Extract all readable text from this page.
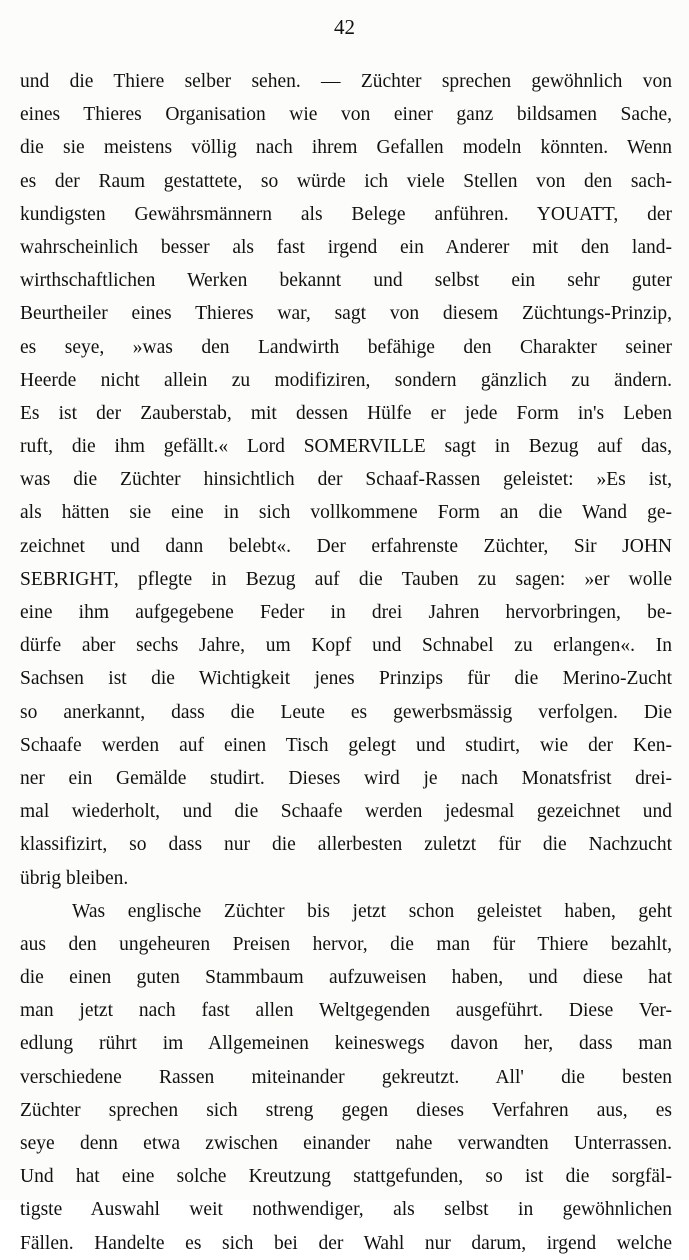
42
und die Thiere selber sehen. — Züchter sprechen gewöhnlich von
eines Thieres Organisation wie von einer ganz bildsamen Sache,
die sie meistens völlig nach ihrem Gefallen modeln könnten. Wenn
es der Raum gestattete, so würde ich viele Stellen von den sach-
kundigsten Gewährsmännern als Belege anführen. YOUATT, der
wahrscheinlich besser als fast irgend ein Anderer mit den land-
wirthschaftlichen Werken bekannt und selbst ein sehr guter
Beurtheiler eines Thieres war, sagt von diesem Züchtungs-Prinzip,
es seye, »was den Landwirth befähige den Charakter seiner
Heerde nicht allein zu modifiziren, sondern gänzlich zu ändern.
Es ist der Zauberstab, mit dessen Hülfe er jede Form in's Leben
ruft, die ihm gefällt.« Lord SOMERVILLE sagt in Bezug auf das,
was die Züchter hinsichtlich der Schaaf-Rassen geleistet: »Es ist,
als hätten sie eine in sich vollkommene Form an die Wand ge-
zeichnet und dann belebt«. Der erfahrenste Züchter, Sir JOHN
SEBRIGHT, pflegte in Bezug auf die Tauben zu sagen: »er wolle
eine ihm aufgegebene Feder in drei Jahren hervorbringen, be-
dürfe aber sechs Jahre, um Kopf und Schnabel zu erlangen«. In
Sachsen ist die Wichtigkeit jenes Prinzips für die Merino-Zucht
so anerkannt, dass die Leute es gewerbsmässig verfolgen. Die
Schaafe werden auf einen Tisch gelegt und studirt, wie der Ken-
ner ein Gemälde studirt. Dieses wird je nach Monatsfrist drei-
mal wiederholt, und die Schaafe werden jedesmal gezeichnet und
klassifizirt, so dass nur die allerbesten zuletzt für die Nachzucht
übrig bleiben.
Was englische Züchter bis jetzt schon geleistet haben, geht
aus den ungeheuren Preisen hervor, die man für Thiere bezahlt,
die einen guten Stammbaum aufzuweisen haben, und diese hat
man jetzt nach fast allen Weltgegenden ausgeführt. Diese Ver-
edlung rührt im Allgemeinen keineswegs davon her, dass man
verschiedene Rassen miteinander gekreutzt. All' die besten
Züchter sprechen sich streng gegen dieses Verfahren aus, es
seye denn etwa zwischen einander nahe verwandten Unterrassen.
Und hat eine solche Kreutzung stattgefunden, so ist die sorgfäl-
tigste Auswahl weit nothwendiger, als selbst in gewöhnlichen
Fällen. Handelte es sich bei der Wahl nur darum, irgend welche
